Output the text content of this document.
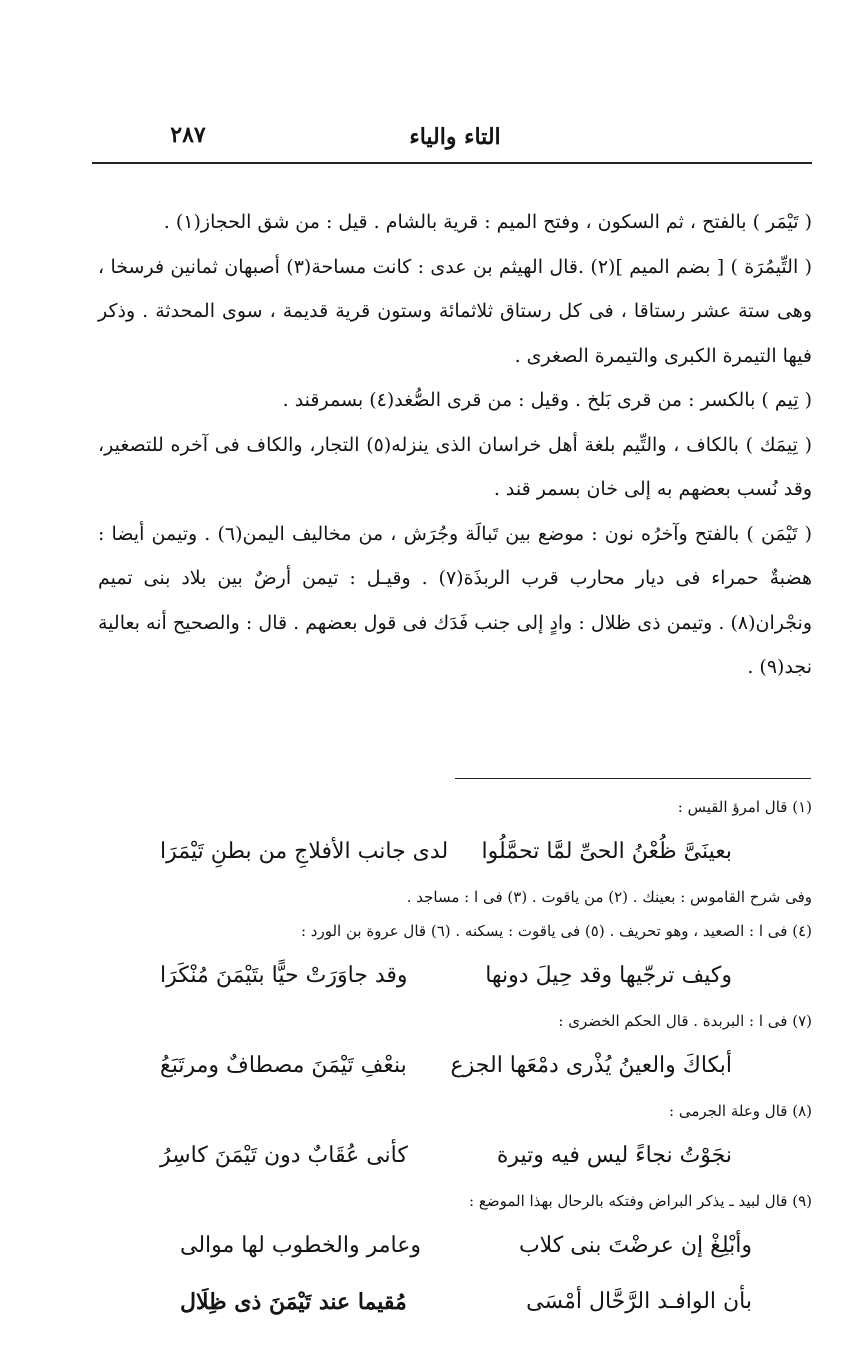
التاء والياء
٢٨٧

( تَيْمَر ) بالفتح ، ثم السكون ، وفتح الميم : قرية بالشام . قيل : من شق الحجاز(١) .

( التِّيمُرَة ) [ بضم الميم ](٢) .قال الهيثم بن عدى : كانت مساحة(٣) أصبهان ثمانين فرسخا ، وهى ستة عشر رستاقا ، فى كل رستاق ثلاثمائة وستون قرية قديمة ، سوى المحدثة . وذكر فيها التيمرة الكبرى والتيمرة الصغرى .

( تِيم ) بالكسر : من قرى بَلخ . وقيل : من قرى الصُّغد(٤) بسمرقند .

( تِيمَك ) بالكاف ، والتِّيم بلغة أهل خراسان الذى ينزله(٥) التجار، والكاف فى آخره للتصغير، وقد نُسب بعضهم به إلى خان بسمر قند .

( تَيْمَن ) بالفتح وآخرُه نون : موضع بين تَبالَة وجُرَش ، من مخاليف اليمن(٦) . وتيمن أيضا : هضبةٌ حمراء فى ديار محارب قرب الربذَة(٧) . وقيـل : تيمن أرضٌ بين بلاد بنى تميم ونجْران(٨) . وتيمن ذى ظلال : وادٍ إلى جنب فَدَك فى قول بعضهم . قال : والصحيح أنه بعالية نجد(٩) .

(١) قال امرؤ القيس :
بعينَىَّ ظُعْنُ الحىِّ لمَّا تحمَّلُوا
لدى جانب الأفلاجِ من بطنِ تَيْمَرَا
وفى شرح القاموس : بعينك . (٢) من ياقوت . (٣) فى ا : مساجد .
(٤) فى ا : الصعيد ، وهو تحريف . (٥) فى ياقوت : يسكنه . (٦) قال عروة بن الورد :
وكيف ترجّيها وقد حِيلَ دونها
وقد جاوَرَتْ حيًّا بتَيْمَنَ مُنْكَرَا
(٧) فى ا : البربدة . قال الحكم الخضرى :
أبكاكَ والعينُ يُذْرى دمْعَها الجزع
بنعْفِ تَيْمَنَ مصطافٌ ومرتَبَعُ
(٨) قال وعلة الجرمى :
نجَوْتُ نجاءً ليس فيه وتيرة
كأنى عُقَابٌ دون تَيْمَنَ كاسِرُ
(٩) قال لبيد ـ يذكر البراض وفتكه بالرحال بهذا الموضع :
وأبْلِغْ إن عرضْتَ بنى كلاب
وعامر والخطوب لها موالى
بأن الوافـد الرَّحَّال أمْسَى
مُقيما عند تَيْمَنَ ذى ظِلَال
